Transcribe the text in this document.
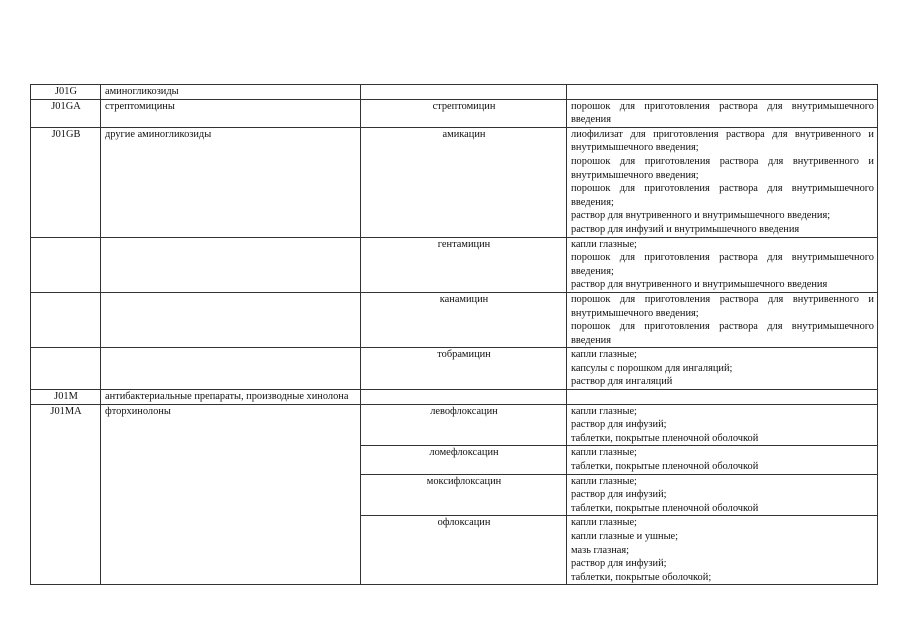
J01G	аминогликозиды		
J01GA	стрептомицины	стрептомицин	порошок для приготовления раствора для внутримышечного введения

J01GB	другие аминогликозиды	амикацин	лиофилизат для приготовления раствора для внутривенного и внутримышечного введения;
порошок для приготовления раствора для внутривенного и внутримышечного введения;
порошок для приготовления раствора для внутримышечного введения;
раствор для внутривенного и внутримышечного введения;
раствор для инфузий и внутримышечного введения

		гентамицин	капли глазные;
порошок для приготовления раствора для внутримышечного введения;
раствор для внутривенного и внутримышечного введения

		канамицин	порошок для приготовления раствора для внутривенного и внутримышечного введения;
порошок для приготовления раствора для внутримышечного введения

		тобрамицин	капли глазные;
капсулы с порошком для ингаляций;
раствор для ингаляций

J01M	антибактериальные препараты, производные хинолона		
J01MA	фторхинолоны	левофлоксацин	капли глазные;
раствор для инфузий;
таблетки, покрытые пленочной оболочкой

		ломефлоксацин	капли глазные;
таблетки, покрытые пленочной оболочкой

		моксифлоксацин	капли глазные;
раствор для инфузий;
таблетки, покрытые пленочной оболочкой

		офлоксацин	капли глазные;
капли глазные и ушные;
мазь глазная;
раствор для инфузий;
таблетки, покрытые оболочкой;
